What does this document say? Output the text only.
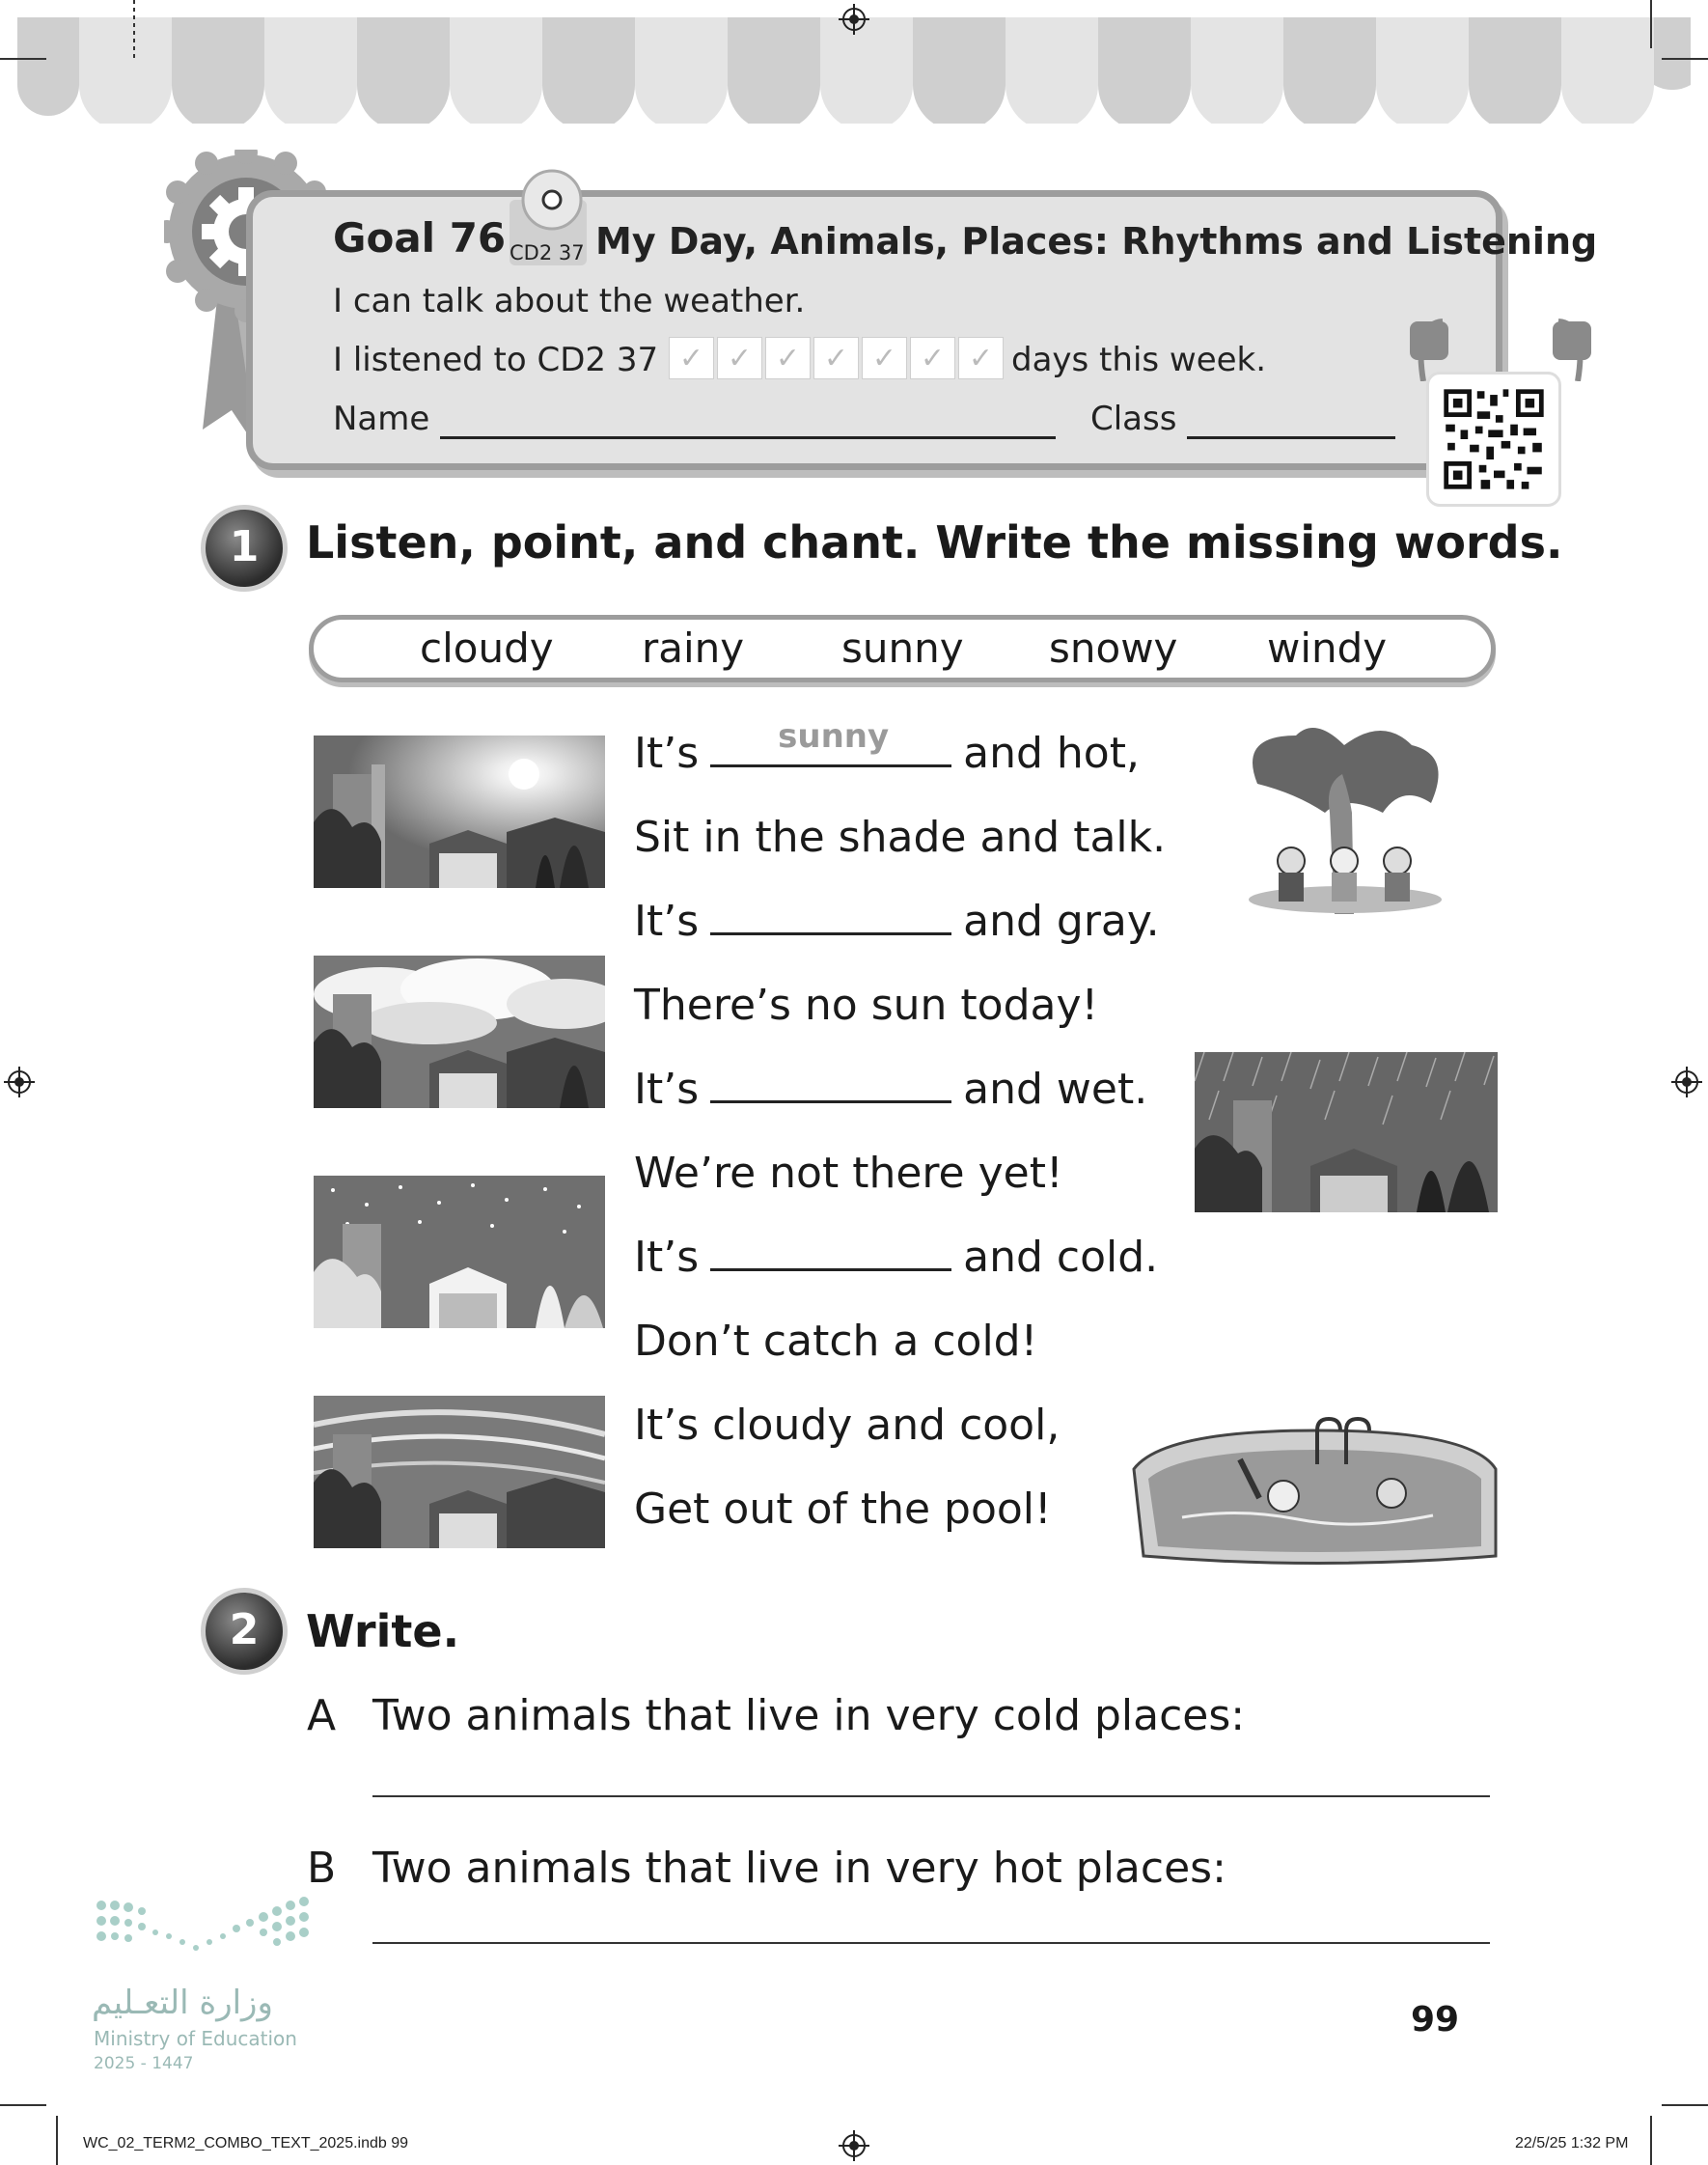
Goal 76 CD2 37 My Day, Animals, Places: Rhythms and Listening
I can talk about the weather.
I listened to CD2 37 ✓ ✓ ✓ ✓ ✓ ✓ ✓ days this week.
Name	Class
1	Listen, point, and chant. Write the missing words.
cloudy rainy sunny snowy windy
It’s sunny and hot,
Sit in the shade and talk.
It’s	and gray.
There’s no sun today!
It’s	and wet.
We’re not there yet!
It’s	and cold.
Don’t catch a cold!
It’s cloudy and cool,
Get out of the pool!
2	Write.
A Two animals that live in very cold places:
B Two animals that live in very hot places:
وزارة التعـليم
Ministry of Education
2025 - 1447
99
WC_02_TERM2_COMBO_TEXT_2025.indb 99	22/5/25 1:32 PM
